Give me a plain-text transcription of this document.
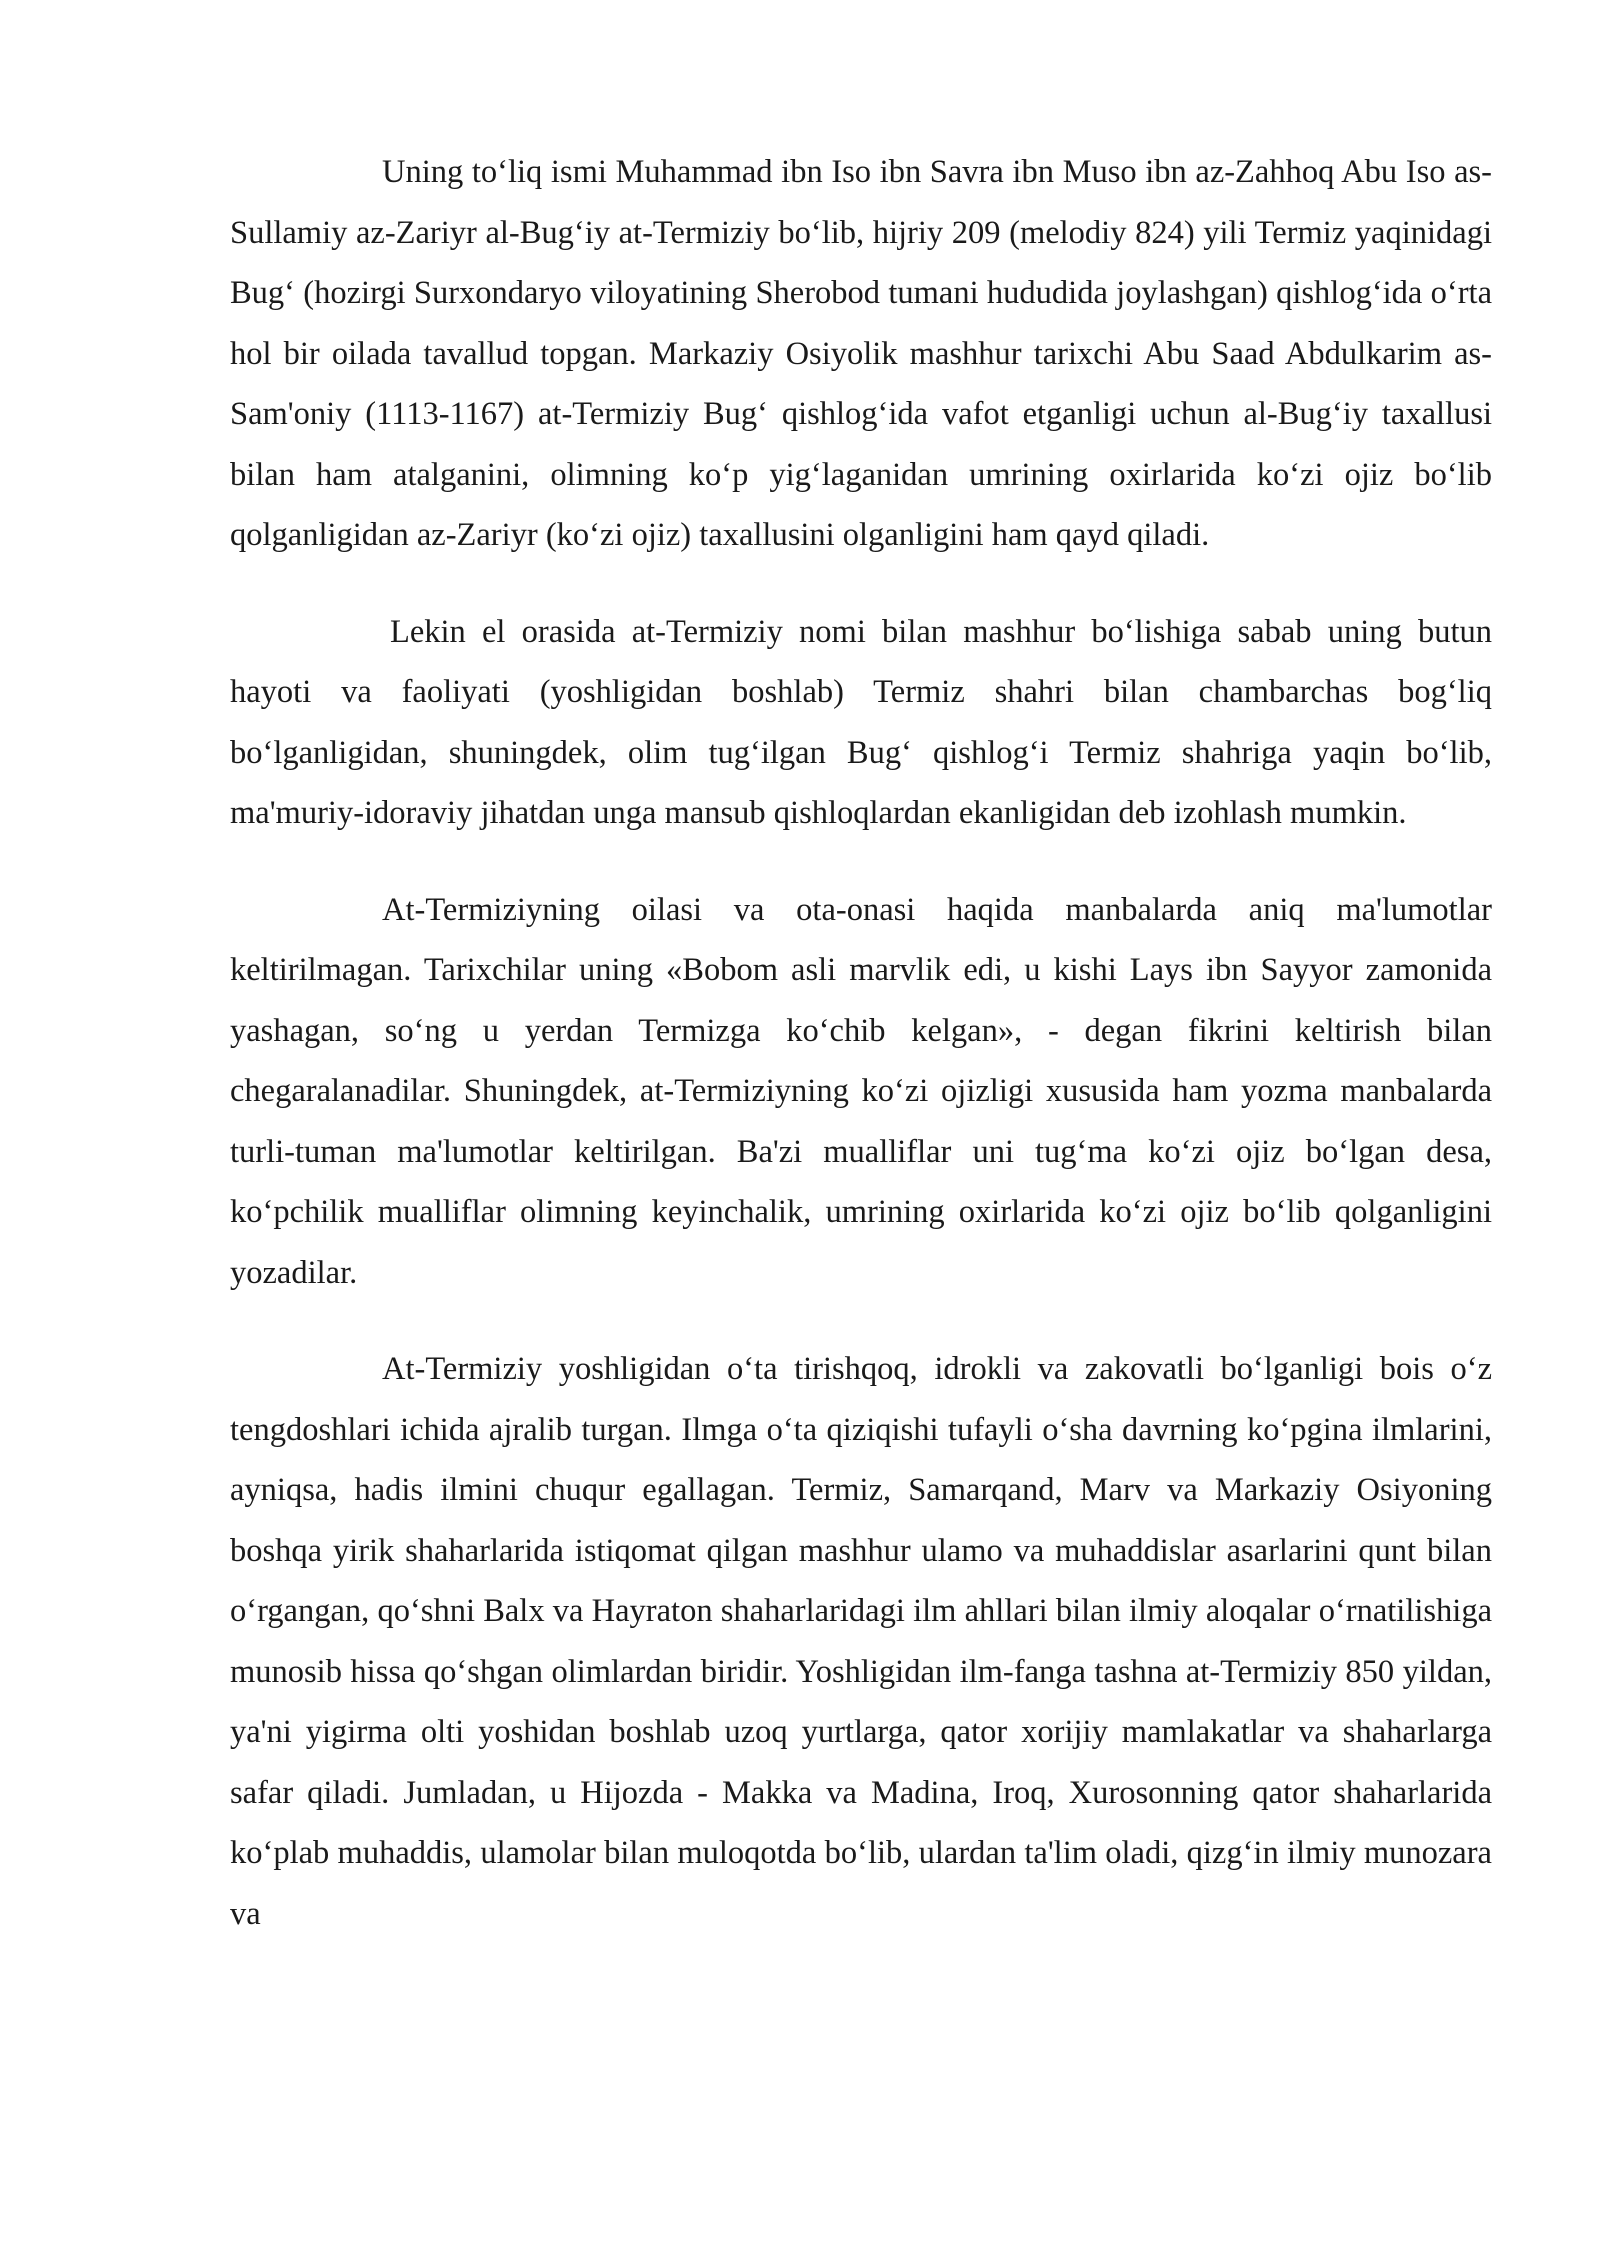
Uning to‘liq ismi Muhammad ibn Iso ibn Savra ibn Muso ibn az-Zahhoq Abu Iso as-Sullamiy az-Zariyr al-Bug‘iy at-Termiziy bo‘lib, hijriy 209 (melodiy 824) yili Termiz yaqinidagi Bug‘ (hozirgi Surxondaryo viloyatining Sherobod tumani hududida joylashgan) qishlog‘ida o‘rta hol bir oilada tavallud topgan. Markaziy Osiyolik mashhur tarixchi Abu Saad Abdulkarim as-Sam'oniy (1113-1167) at-Termiziy Bug‘ qishlog‘ida vafot etganligi uchun al-Bug‘iy taxallusi bilan ham atalganini, olimning ko‘p yig‘laganidan umrining oxirlarida ko‘zi ojiz bo‘lib qolganligidan az-Zariyr (ko‘zi ojiz) taxallusini olganligini ham qayd qiladi.

Lekin el orasida at-Termiziy nomi bilan mashhur bo‘lishiga sabab uning butun hayoti va faoliyati (yoshligidan boshlab) Termiz shahri bilan chambarchas bog‘liq bo‘lganligidan, shuningdek, olim tug‘ilgan Bug‘ qishlog‘i Termiz shahriga yaqin bo‘lib, ma'muriy-idoraviy jihatdan unga mansub qishloqlardan ekanligidan deb izohlash mumkin.

At-Termiziyning oilasi va ota-onasi haqida manbalarda aniq ma'lumotlar keltirilmagan. Tarixchilar uning «Bobom asli marvlik edi, u kishi Lays ibn Sayyor zamonida yashagan, so‘ng u yerdan Termizga ko‘chib kelgan», - degan fikrini keltirish bilan chegaralanadilar. Shuningdek, at-Termiziyning ko‘zi ojizligi xususida ham yozma manbalarda turli-tuman ma'lumotlar keltirilgan. Ba'zi mualliflar uni tug‘ma ko‘zi ojiz bo‘lgan desa, ko‘pchilik mualliflar olimning keyinchalik, umrining oxirlarida ko‘zi ojiz bo‘lib qolganligini yozadilar.

At-Termiziy yoshligidan o‘ta tirishqoq, idrokli va zakovatli bo‘lganligi bois o‘z tengdoshlari ichida ajralib turgan. Ilmga o‘ta qiziqishi tufayli o‘sha davrning ko‘pgina ilmlarini, ayniqsa, hadis ilmini chuqur egallagan. Termiz, Samarqand, Marv va Markaziy Osiyoning boshqa yirik shaharlarida istiqomat qilgan mashhur ulamo va muhaddislar asarlarini qunt bilan o‘rgangan, qo‘shni Balx va Hayraton shaharlaridagi ilm ahllari bilan ilmiy aloqalar o‘rnatilishiga munosib hissa qo‘shgan olimlardan biridir. Yoshligidan ilm-fanga tashna at-Termiziy 850 yildan, ya'ni yigirma olti yoshidan boshlab uzoq yurtlarga, qator xorijiy mamlakatlar va shaharlarga safar qiladi. Jumladan, u Hijozda - Makka va Madina, Iroq, Xurosonning qator shaharlarida ko‘plab muhaddis, ulamolar bilan muloqotda bo‘lib, ulardan ta'lim oladi, qizg‘in ilmiy munozara va
